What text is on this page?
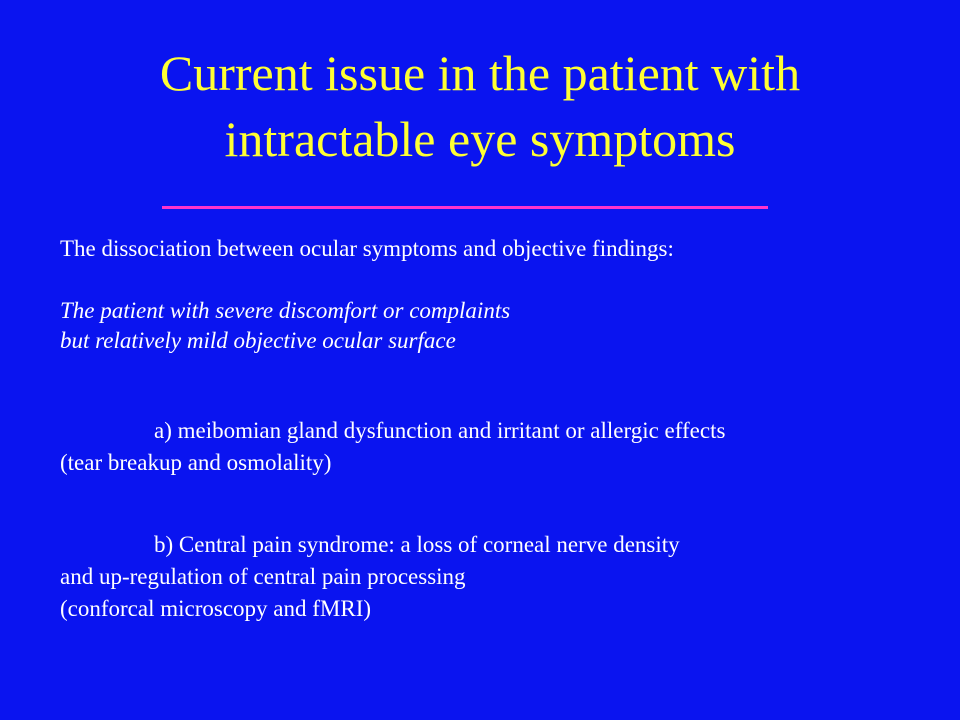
Current issue in the patient with
intractable eye symptoms
The dissociation between ocular symptoms and objective findings:
The patient with severe discomfort or complaints
but relatively mild objective ocular surface
a) meibomian gland dysfunction and irritant or allergic effects
(tear breakup and osmolality)
b) Central pain syndrome: a loss of corneal nerve density
and up-regulation of central pain processing
(conforcal microscopy and fMRI)
